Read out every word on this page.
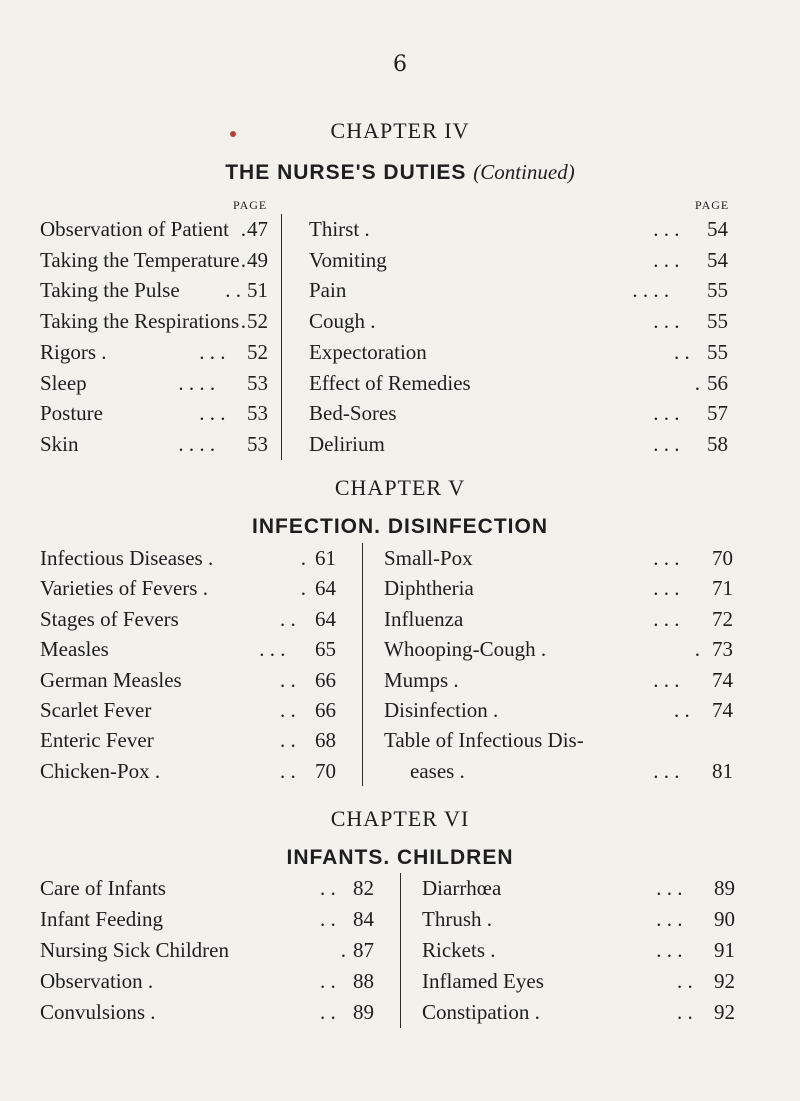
6
CHAPTER IV
THE NURSE'S DUTIES (Continued)
PAGE	PAGE
Observation of Patient . 47
Taking the Temperature . 49
Taking the Pulse . . 51
Taking the Respirations . 52
Rigors .	. . . 52
Sleep	. . . . 53
Posture	. . . 53
Skin	. . . . 53
Thirst .	. . . 54
Vomiting	. . . 54
Pain	. . . . 55
Cough .	. . . 55
Expectoration	. . 55
Effect of Remedies	. 56
Bed-Sores	. . . 57
Delirium	. . . 58
CHAPTER V
INFECTION. DISINFECTION
Infectious Diseases .	. 61
Varieties of Fevers .	. 64
Stages of Fevers	. . 64
Measles	. . . 65
German Measles	. . 66
Scarlet Fever	. . 66
Enteric Fever	. . 68
Chicken-Pox .	. . 70
Small-Pox	. . . 70
Diphtheria	. . . 71
Influenza	. . . 72
Whooping-Cough .	. 73
Mumps .	. . . 74
Disinfection .	. . 74
Table of Infectious Dis-
eases .	. . . 81
CHAPTER VI
INFANTS. CHILDREN
Care of Infants	. . 82
Infant Feeding	. . 84
Nursing Sick Children	. 87
Observation .	. . 88
Convulsions .	. . 89
Diarrhœa	. . . 89
Thrush .	. . . 90
Rickets .	. . . 91
Inflamed Eyes	. . 92
Constipation .	. . 92
